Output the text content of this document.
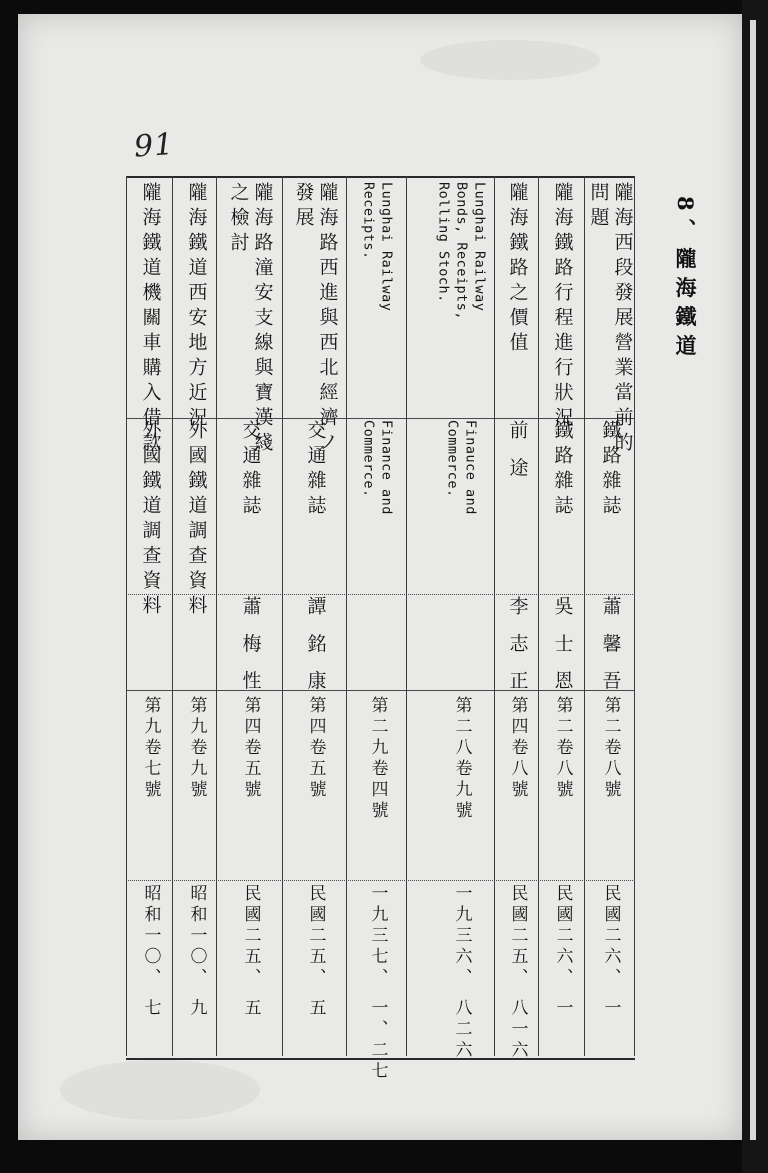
91
8、隴海鐵道
隴海西段發展營業當前的
問題
鐵路雜誌
蕭 馨 吾
第二卷八號
民國二六、 一
隴海鐵路行程進行狀況
鐵路雜誌
吳 士 恩
第二卷八號
民國二六、 一
隴海鐵路之價值
前 途
李 志 正
第四卷八號
民國二五、 八一六
Lunghai Railway
Bonds, Receipts,
Rolling Stoch.
Finauce and
Commerce.
第二八卷九號
一九三六、 八二六
Lunghai Railway
Receipts.
Finance and
Commerce.
第二九卷四號
一九三七、 一、二七
隴海路西進與西北經濟ノ
發展
交通雜誌
譚 銘 康
第四卷五號
民國二五、 五
隴海路潼安支線與寶漢綫
之檢討
交通雜誌
蕭 梅 性
第四卷五號
民國二五、 五
隴海鐵道西安地方近況
外國鐵道調查資料
第九卷九號
昭和一〇、 九
隴海鐵道機關車購入借款
外國鐵道調查資料
第九卷七號
昭和一〇、 七
